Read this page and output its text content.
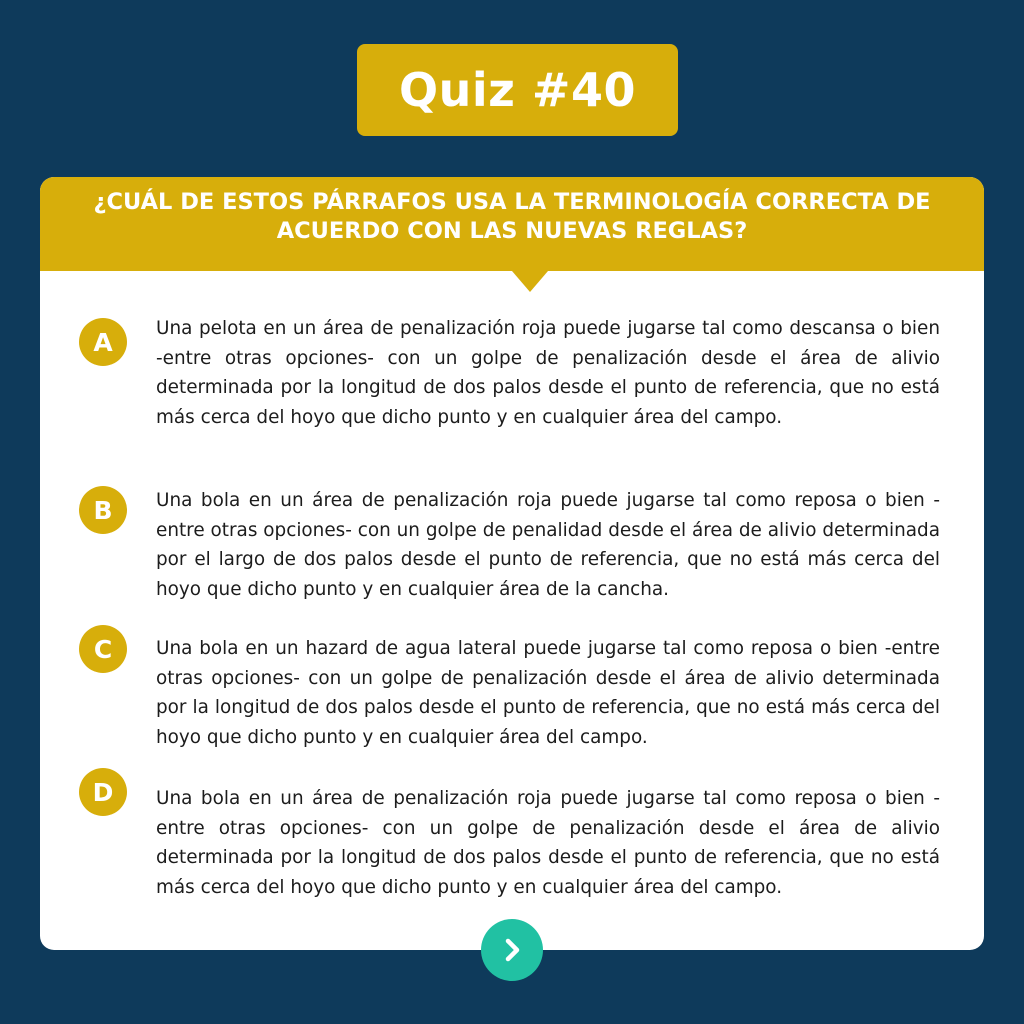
Quiz #40
¿CUÁL DE ESTOS PÁRRAFOS USA LA TERMINOLOGÍA CORRECTA DE ACUERDO CON LAS NUEVAS REGLAS?
A	Una pelota en un área de penalización roja puede jugarse tal como descansa o bien -entre otras opciones- con un golpe de penalización desde el área de alivio determinada por la longitud de dos palos desde el punto de referencia, que no está más cerca del hoyo que dicho punto y en cualquier área del campo.

B	Una bola en un área de penalización roja puede jugarse tal como reposa o bien -entre otras opciones- con un golpe de penalidad desde el área de alivio determinada por el largo de dos palos desde el punto de referencia, que no está más cerca del hoyo que dicho punto y en cualquier área de la cancha.

C	Una bola en un hazard de agua lateral puede jugarse tal como reposa o bien -entre otras opciones- con un golpe de penalización desde el área de alivio determinada por la longitud de dos palos desde el punto de referencia, que no está más cerca del hoyo que dicho punto y en cualquier área del campo.

D	Una bola en un área de penalización roja puede jugarse tal como reposa o bien -entre otras opciones- con un golpe de penalización desde el área de alivio determinada por la longitud de dos palos desde el punto de referencia, que no está más cerca del hoyo que dicho punto y en cualquier área del campo.
